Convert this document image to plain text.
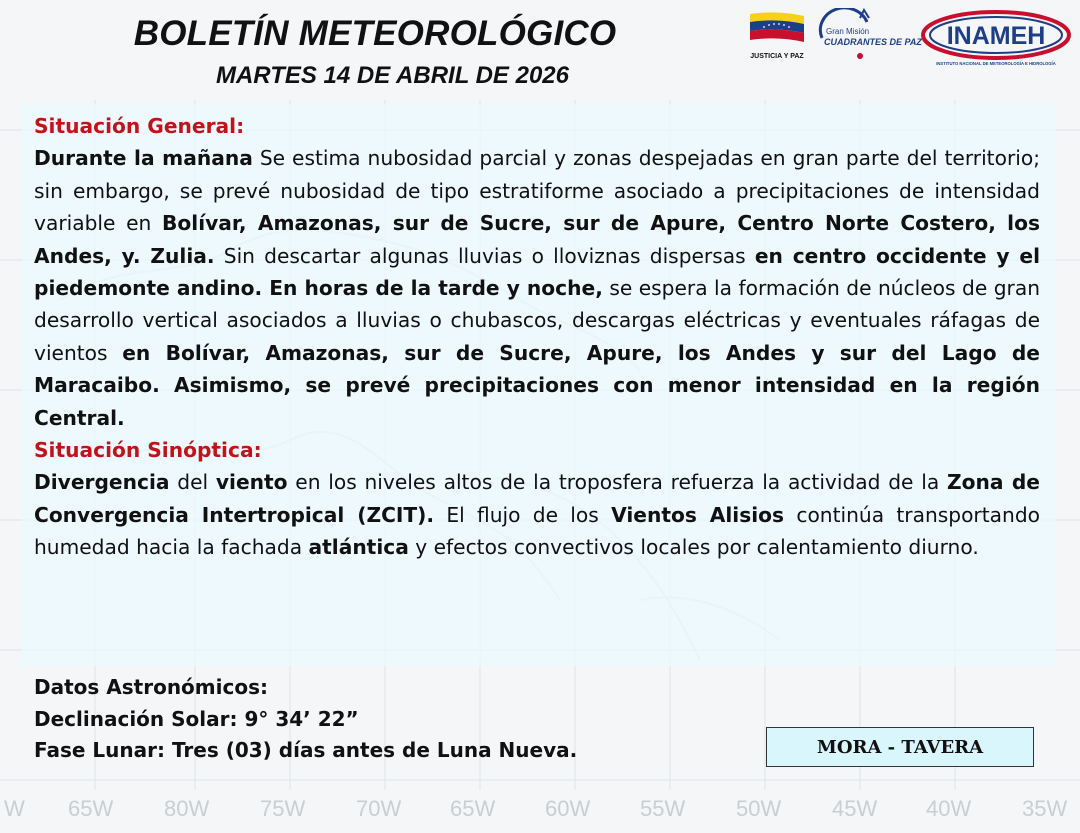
BOLETÍN METEOROLÓGICO
MARTES 14 DE ABRIL DE 2026
JUSTICIA Y PAZ
Gran Misión
CUADRANTES DE PAZ INAMEH
INSTITUTO NACIONAL DE METEOROLOGÍA E HIDROLOGÍA
Situación General:

Durante la mañana Se estima nubosidad parcial y zonas despejadas en gran parte del territorio; sin embargo, se prevé nubosidad de tipo estratiforme asociado a precipitaciones de intensidad variable en Bolívar, Amazonas, sur de Sucre, sur de Apure, Centro Norte Costero, los Andes, y. Zulia. Sin descartar algunas lluvias o lloviznas dispersas en centro occidente y el piedemonte andino. En horas de la tarde y noche, se espera la formación de núcleos de gran desarrollo vertical asociados a lluvias o chubascos, descargas eléctricas y eventuales ráfagas de vientos en Bolívar, Amazonas, sur de Sucre, Apure, los Andes y sur del Lago de Maracaibo. Asimismo, se prevé precipitaciones con menor intensidad en la región Central.

Situación Sinóptica:

Divergencia del viento en los niveles altos de la troposfera refuerza la actividad de la Zona de Convergencia Intertropical (ZCIT). El flujo de los Vientos Alisios continúa transportando humedad hacia la fachada atlántica y efectos convectivos locales por calentamiento diurno.

Datos Astronómicos:
Declinación Solar: 9° 34’ 22”
Fase Lunar: Tres (03) días antes de Luna Nueva.	MORA - TAVERA
W 65W 80W 75W 70W 65W 60W 55W 50W 45W 40W 35W
